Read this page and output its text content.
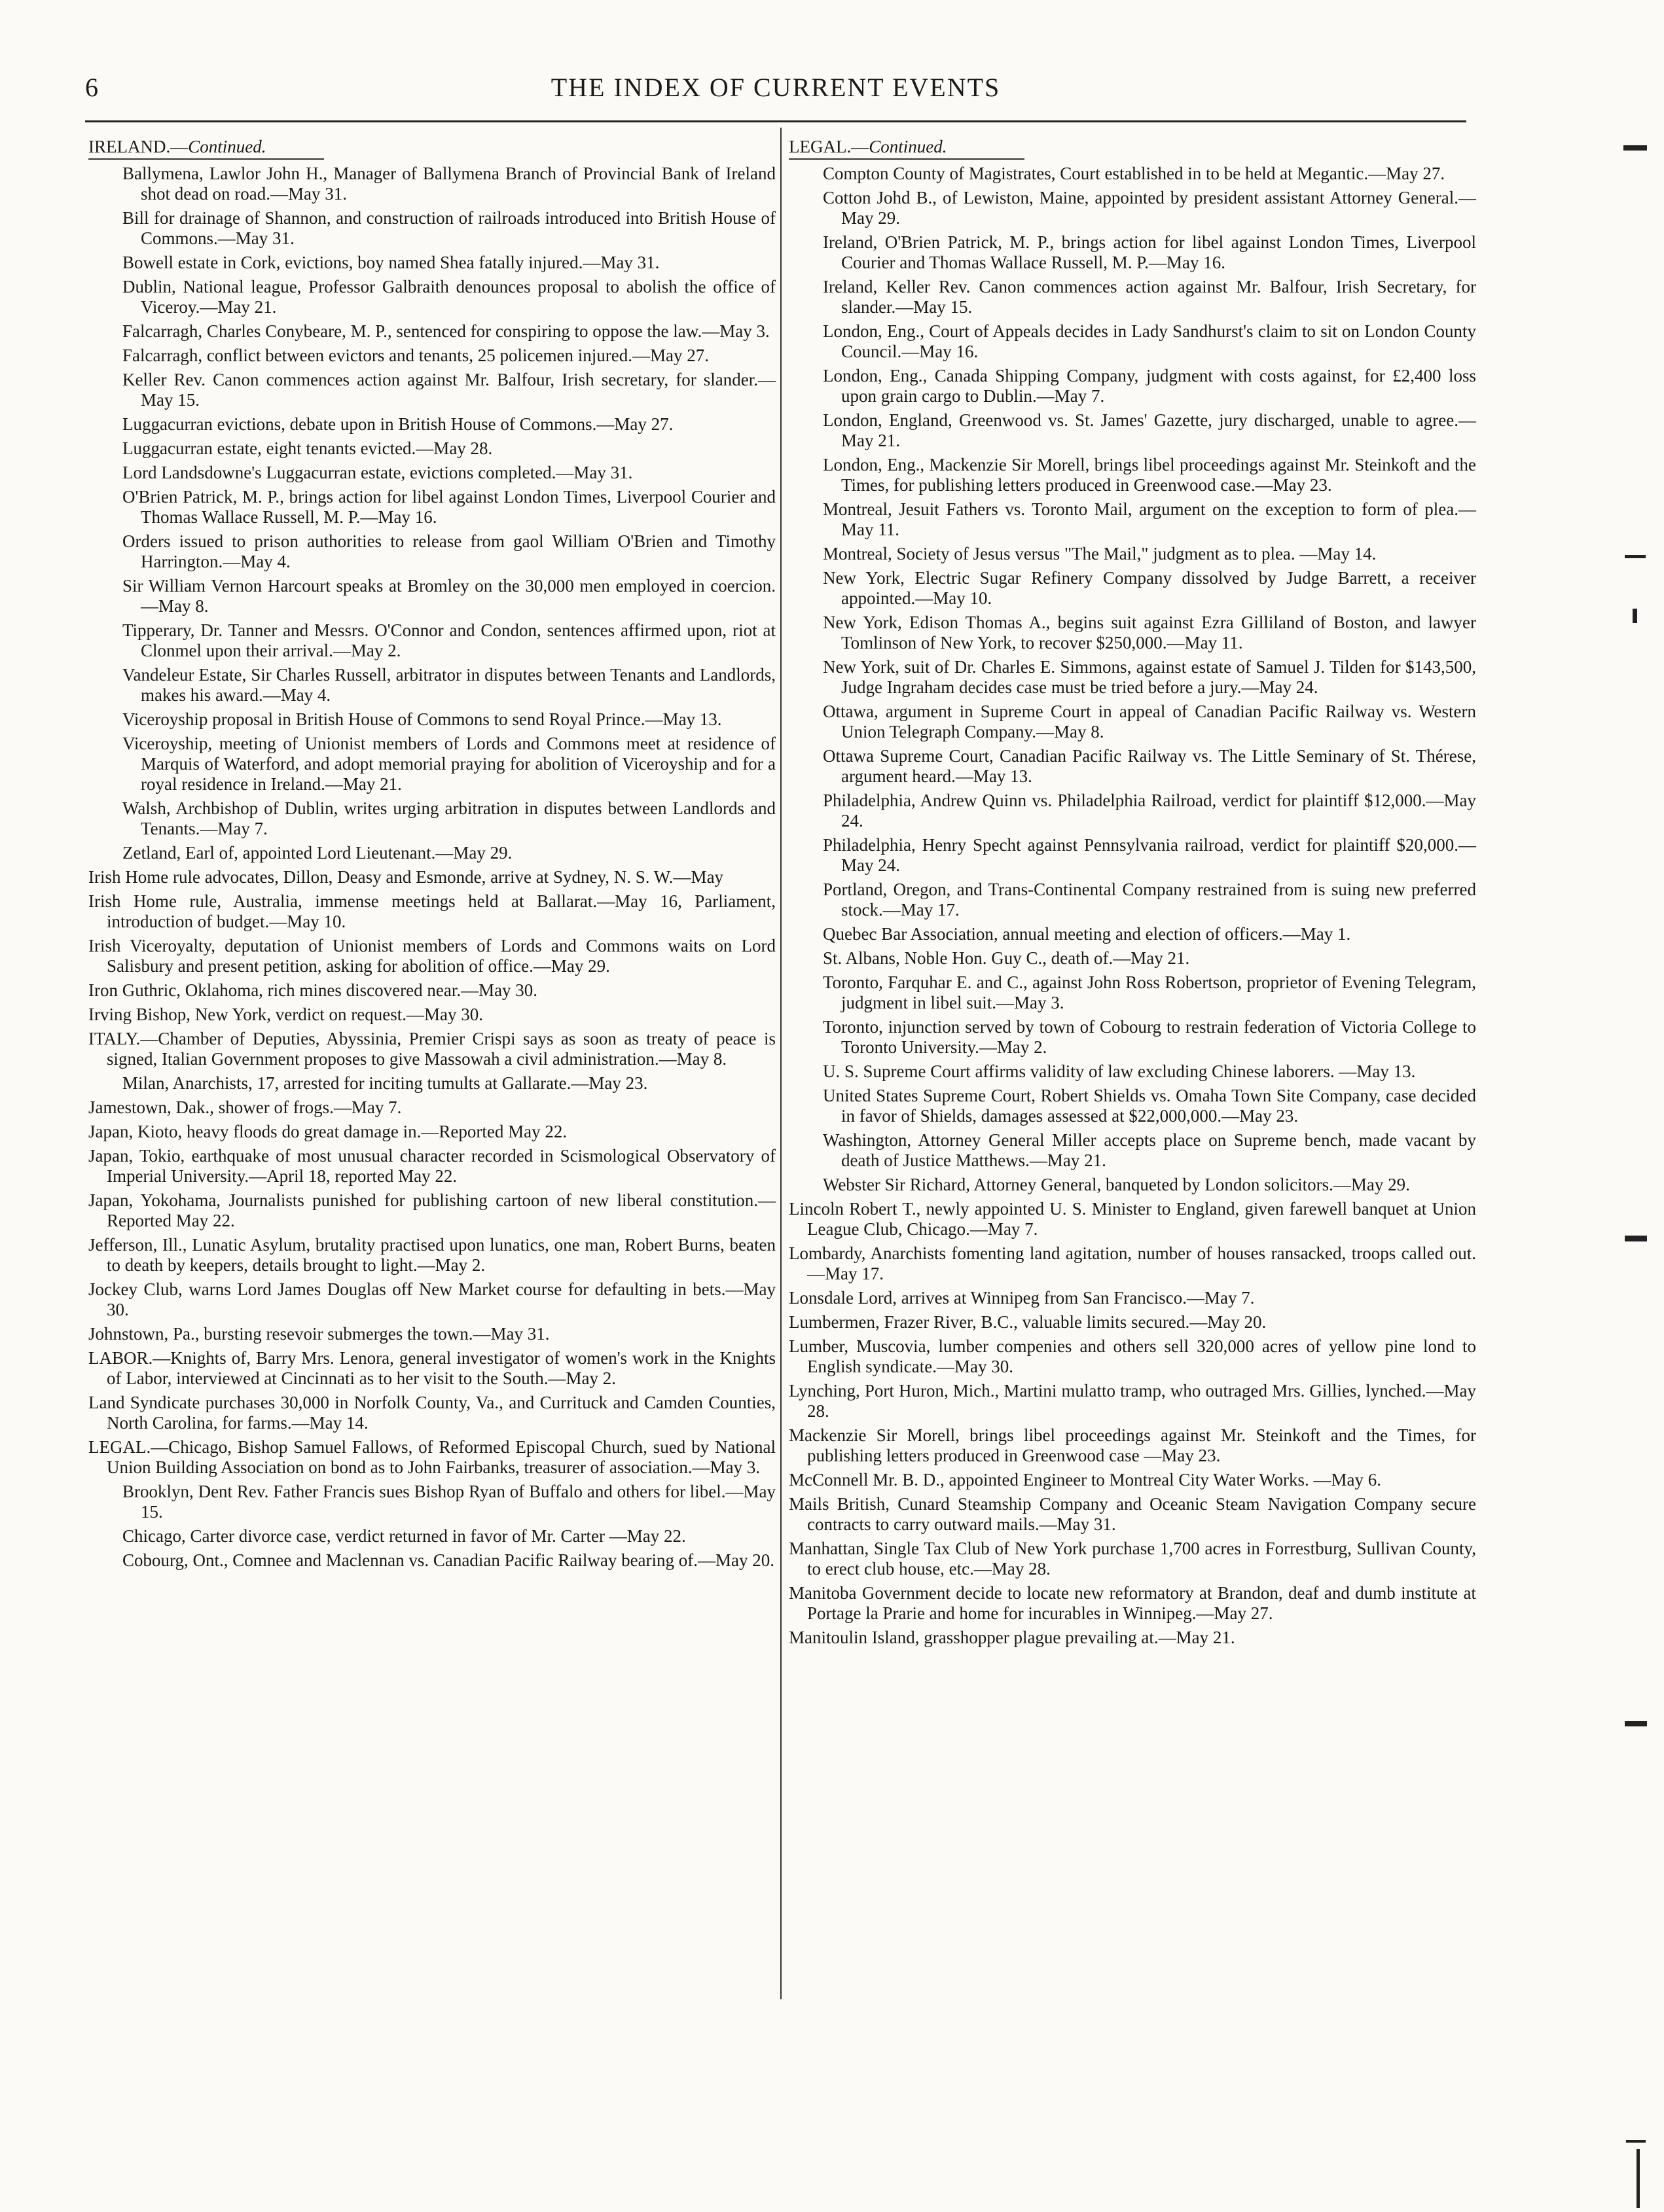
6	THE INDEX OF CURRENT EVENTS
IRELAND.—Continued.
Ballymena, Lawlor John H., Manager of Ballymena Branch of Provincial Bank of Ireland shot dead on road.—May 31.
Bill for drainage of Shannon, and construction of railroads introduced into British House of Commons.—May 31.
Bowell estate in Cork, evictions, boy named Shea fatally injured.—May 31.
Dublin, National league, Professor Galbraith denounces proposal to abolish the office of Viceroy.—May 21.
Falcarragh, Charles Conybeare, M. P., sentenced for conspiring to oppose the law.—May 3.
Falcarragh, conflict between evictors and tenants, 25 policemen injured.—May 27.
Keller Rev. Canon commences action against Mr. Balfour, Irish secretary, for slander.—May 15.
Luggacurran evictions, debate upon in British House of Commons.—May 27.
Luggacurran estate, eight tenants evicted.—May 28.
Lord Landsdowne's Luggacurran estate, evictions completed.—May 31.
O'Brien Patrick, M. P., brings action for libel against London Times, Liverpool Courier and Thomas Wallace Russell, M. P.—May 16.
Orders issued to prison authorities to release from gaol William O'Brien and Timothy Harrington.—May 4.
Sir William Vernon Harcourt speaks at Bromley on the 30,000 men employed in coercion.—May 8.
Tipperary, Dr. Tanner and Messrs. O'Connor and Condon, sentences affirmed upon, riot at Clonmel upon their arrival.—May 2.
Vandeleur Estate, Sir Charles Russell, arbitrator in disputes between Tenants and Landlords, makes his award.—May 4.
Viceroyship proposal in British House of Commons to send Royal Prince.—May 13.
Viceroyship, meeting of Unionist members of Lords and Commons meet at residence of Marquis of Waterford, and adopt memorial praying for abolition of Viceroyship and for a royal residence in Ireland.—May 21.
Walsh, Archbishop of Dublin, writes urging arbitration in disputes between Landlords and Tenants.—May 7.
Zetland, Earl of, appointed Lord Lieutenant.—May 29.
Irish Home rule advocates, Dillon, Deasy and Esmonde, arrive at Sydney, N. S. W.—May
Irish Home rule, Australia, immense meetings held at Ballarat.—May 16, Parliament, introduction of budget.—May 10.
Irish Viceroyalty, deputation of Unionist members of Lords and Commons waits on Lord Salisbury and present petition, asking for abolition of office.—May 29.
Iron Guthric, Oklahoma, rich mines discovered near.—May 30.
Irving Bishop, New York, verdict on request.—May 30.
ITALY.—Chamber of Deputies, Abyssinia, Premier Crispi says as soon as treaty of peace is signed, Italian Government proposes to give Massowah a civil administration.—May 8.
Milan, Anarchists, 17, arrested for inciting tumults at Gallarate.—May 23.
Jamestown, Dak., shower of frogs.—May 7.
Japan, Kioto, heavy floods do great damage in.—Reported May 22.
Japan, Tokio, earthquake of most unusual character recorded in Scismological Observatory of Imperial University.—April 18, reported May 22.
Japan, Yokohama, Journalists punished for publishing cartoon of new liberal constitution.—Reported May 22.
Jefferson, Ill., Lunatic Asylum, brutality practised upon lunatics, one man, Robert Burns, beaten to death by keepers, details brought to light.—May 2.
Jockey Club, warns Lord James Douglas off New Market course for defaulting in bets.—May 30.
Johnstown, Pa., bursting resevoir submerges the town.—May 31.
LABOR.—Knights of, Barry Mrs. Lenora, general investigator of women's work in the Knights of Labor, interviewed at Cincinnati as to her visit to the South.—May 2.
Land Syndicate purchases 30,000 in Norfolk County, Va., and Currituck and Camden Counties, North Carolina, for farms.—May 14.
LEGAL.—Chicago, Bishop Samuel Fallows, of Reformed Episcopal Church, sued by National Union Building Association on bond as to John Fairbanks, treasurer of association.—May 3.
Brooklyn, Dent Rev. Father Francis sues Bishop Ryan of Buffalo and others for libel.—May 15.
Chicago, Carter divorce case, verdict returned in favor of Mr. Carter —May 22.
Cobourg, Ont., Comnee and Maclennan vs. Canadian Pacific Railway bearing of.—May 20.
LEGAL.—Continued.
Compton County of Magistrates, Court established in to be held at Megantic.—May 27.
Cotton Johd B., of Lewiston, Maine, appointed by president assistant Attorney General.—May 29.
Ireland, O'Brien Patrick, M. P., brings action for libel against London Times, Liverpool Courier and Thomas Wallace Russell, M. P.—May 16.
Ireland, Keller Rev. Canon commences action against Mr. Balfour, Irish Secretary, for slander.—May 15.
London, Eng., Court of Appeals decides in Lady Sandhurst's claim to sit on London County Council.—May 16.
London, Eng., Canada Shipping Company, judgment with costs against, for £2,400 loss upon grain cargo to Dublin.—May 7.
London, England, Greenwood vs. St. James' Gazette, jury discharged, unable to agree.—May 21.
London, Eng., Mackenzie Sir Morell, brings libel proceedings against Mr. Steinkoft and the Times, for publishing letters produced in Greenwood case.—May 23.
Montreal, Jesuit Fathers vs. Toronto Mail, argument on the exception to form of plea.—May 11.
Montreal, Society of Jesus versus "The Mail," judgment as to plea. —May 14.
New York, Electric Sugar Refinery Company dissolved by Judge Barrett, a receiver appointed.—May 10.
New York, Edison Thomas A., begins suit against Ezra Gilliland of Boston, and lawyer Tomlinson of New York, to recover $250,000.—May 11.
New York, suit of Dr. Charles E. Simmons, against estate of Samuel J. Tilden for $143,500, Judge Ingraham decides case must be tried before a jury.—May 24.
Ottawa, argument in Supreme Court in appeal of Canadian Pacific Railway vs. Western Union Telegraph Company.—May 8.
Ottawa Supreme Court, Canadian Pacific Railway vs. The Little Seminary of St. Thérese, argument heard.—May 13.
Philadelphia, Andrew Quinn vs. Philadelphia Railroad, verdict for plaintiff $12,000.—May 24.
Philadelphia, Henry Specht against Pennsylvania railroad, verdict for plaintiff $20,000.—May 24.
Portland, Oregon, and Trans-Continental Company restrained from is suing new preferred stock.—May 17.
Quebec Bar Association, annual meeting and election of officers.—May 1.
St. Albans, Noble Hon. Guy C., death of.—May 21.
Toronto, Farquhar E. and C., against John Ross Robertson, proprietor of Evening Telegram, judgment in libel suit.—May 3.
Toronto, injunction served by town of Cobourg to restrain federation of Victoria College to Toronto University.—May 2.
U. S. Supreme Court affirms validity of law excluding Chinese laborers. —May 13.
United States Supreme Court, Robert Shields vs. Omaha Town Site Company, case decided in favor of Shields, damages assessed at $22,000,000.—May 23.
Washington, Attorney General Miller accepts place on Supreme bench, made vacant by death of Justice Matthews.—May 21.
Webster Sir Richard, Attorney General, banqueted by London solicitors.—May 29.
Lincoln Robert T., newly appointed U. S. Minister to England, given farewell banquet at Union League Club, Chicago.—May 7.
Lombardy, Anarchists fomenting land agitation, number of houses ransacked, troops called out.—May 17.
Lonsdale Lord, arrives at Winnipeg from San Francisco.—May 7.
Lumbermen, Frazer River, B.C., valuable limits secured.—May 20.
Lumber, Muscovia, lumber compenies and others sell 320,000 acres of yellow pine lond to English syndicate.—May 30.
Lynching, Port Huron, Mich., Martini mulatto tramp, who outraged Mrs. Gillies, lynched.—May 28.
Mackenzie Sir Morell, brings libel proceedings against Mr. Steinkoft and the Times, for publishing letters produced in Greenwood case —May 23.
McConnell Mr. B. D., appointed Engineer to Montreal City Water Works. —May 6.
Mails British, Cunard Steamship Company and Oceanic Steam Navigation Company secure contracts to carry outward mails.—May 31.
Manhattan, Single Tax Club of New York purchase 1,700 acres in Forrestburg, Sullivan County, to erect club house, etc.—May 28.
Manitoba Government decide to locate new reformatory at Brandon, deaf and dumb institute at Portage la Prarie and home for incurables in Winnipeg.—May 27.
Manitoulin Island, grasshopper plague prevailing at.—May 21.
